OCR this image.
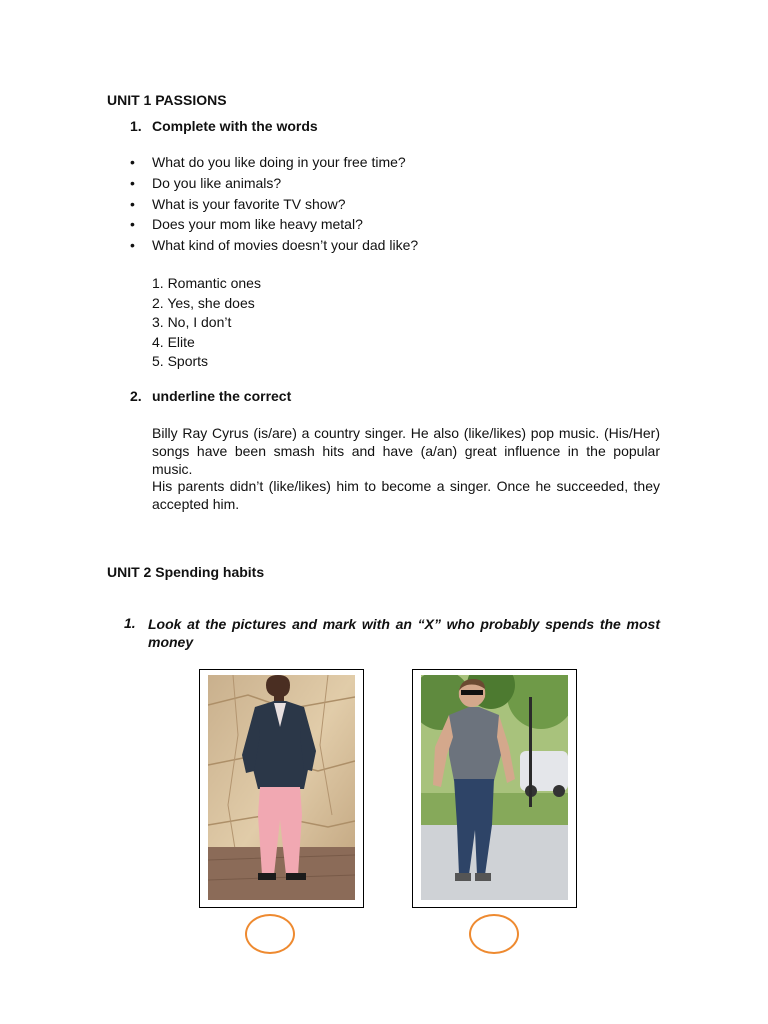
UNIT 1 PASSIONS
1. Complete with the words
•	What do you like doing in your free time?
•	Do you like animals?
•	What is your favorite TV show?
•	Does your mom like heavy metal?
•	What kind of movies doesn’t your dad like?
1. Romantic ones
2. Yes, she does
3. No, I don’t
4. Elite
5. Sports
2. underline the correct
Billy Ray Cyrus (is/are) a country singer. He also (like/likes) pop music. (His/Her) songs have been smash hits and have (a/an) great influence in the popular music.
His parents didn’t (like/likes) him to become a singer. Once he succeeded, they accepted him.
UNIT 2 Spending habits
1. Look at the pictures and mark with an “X” who probably spends the most money
